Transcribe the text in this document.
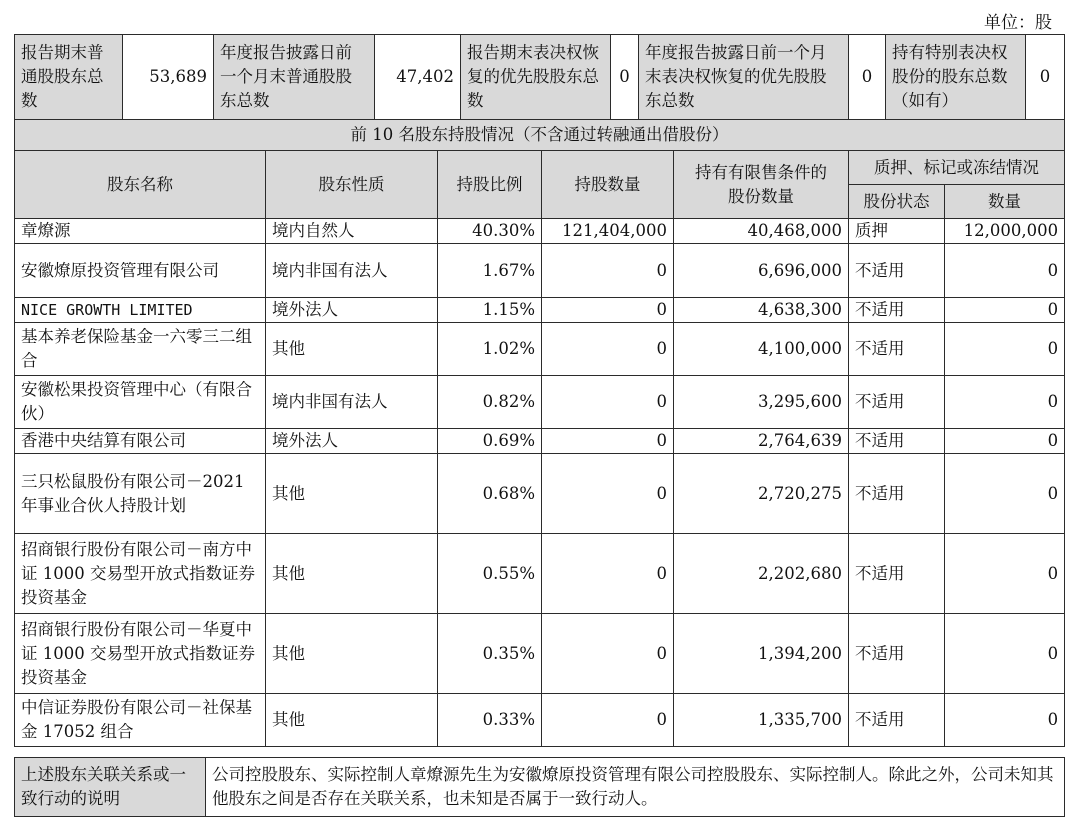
单位：股
报告期末普通股股东总数	53,689	年度报告披露日前一个月末普通股股东总数	47,402	报告期末表决权恢复的优先股股东总数	0	年度报告披露日前一个月末表决权恢复的优先股股东总数	0	持有特别表决权股份的股东总数（如有）	0
前 10 名股东持股情况（不含通过转融通出借股份）						
股东名称	股东性质	持股比例	持股数量	持有有限售条件的股份数量	质押、标记或冻结情况	
					股份状态	数量
章燎源	境内自然人	40.30%	121,404,000	40,468,000	质押	12,000,000
安徽燎原投资管理有限公司	境内非国有法人	1.67%	0	6,696,000	不适用	0
NICE GROWTH LIMITED	境外法人	1.15%	0	4,638,300	不适用	0
基本养老保险基金一六零三二组合	其他	1.02%	0	4,100,000	不适用	0
安徽松果投资管理中心（有限合伙）	境内非国有法人	0.82%	0	3,295,600	不适用	0
香港中央结算有限公司	境外法人	0.69%	0	2,764,639	不适用	0
三只松鼠股份有限公司－2021 年事业合伙人持股计划	其他	0.68%	0	2,720,275	不适用	0
招商银行股份有限公司－南方中证 1000 交易型开放式指数证券投资基金	其他	0.55%	0	2,202,680	不适用	0
招商银行股份有限公司－华夏中证 1000 交易型开放式指数证券投资基金	其他	0.35%	0	1,394,200	不适用	0
中信证券股份有限公司－社保基金 17052 组合	其他	0.33%	0	1,335,700	不适用	0
上述股东关联关系或一致行动的说明	公司控股股东、实际控制人章燎源先生为安徽燎原投资管理有限公司控股股东、实际控制人。除此之外，公司未知其他股东之间是否存在关联关系，也未知是否属于一致行动人。
